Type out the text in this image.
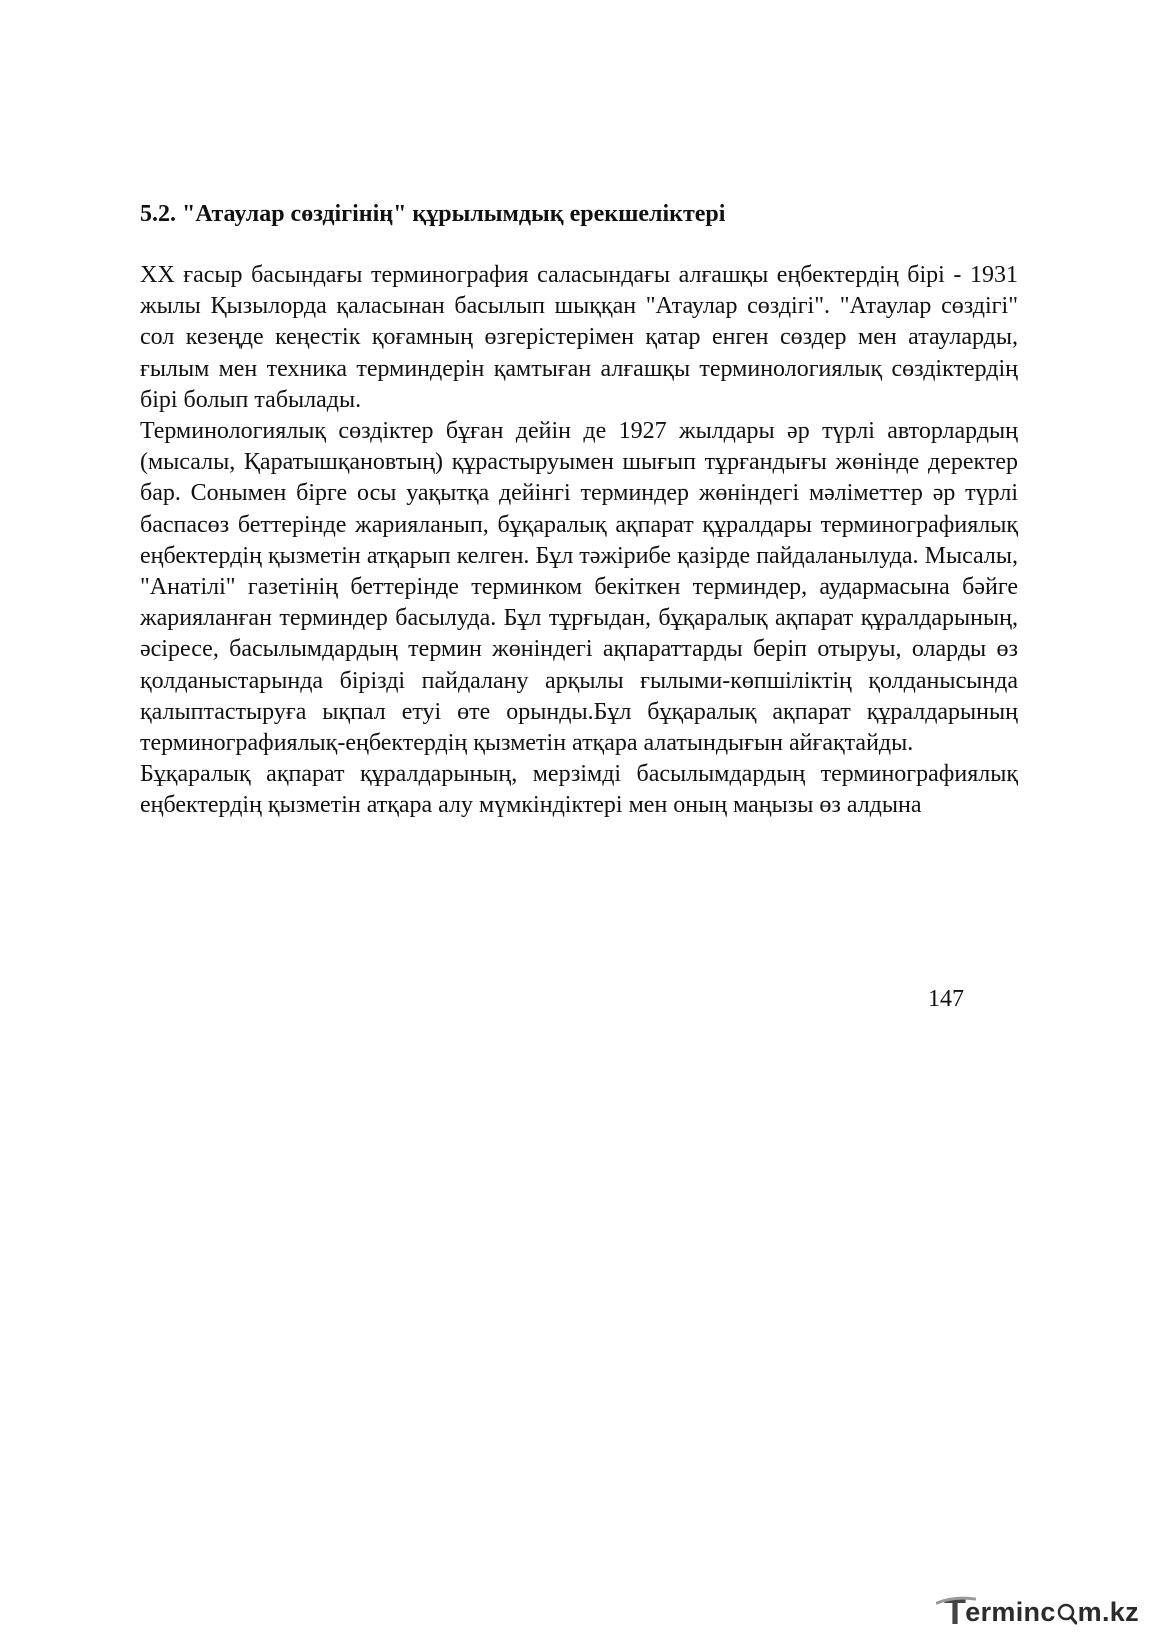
5.2. "Атаулар сөздігінің" құрылымдық ерекшеліктері

XX ғасыр басындағы терминография саласындағы алғашқы еңбектердің бірі - 1931 жылы Қызылорда қаласынан басылып шыққан "Атаулар сөздігі". "Атаулар сөздігі" сол кезеңде кеңестік қоғамның өзгерістерімен қатар енген сөздер мен атауларды, ғылым мен техника терминдерін қамтыған алғашқы терминологиялық сөздіктердің бірі болып табылады.

Терминологиялық сөздіктер бұған дейін де 1927 жылдары әр түрлі авторлардың (мысалы, Қаратышқановтың) құрастыруымен шығып тұрғандығы жөнінде деректер бар. Сонымен бірге осы уақытқа дейінгі терминдер жөніндегі мәліметтер әр түрлі баспасөз беттерінде жарияланып, бұқаралық ақпарат құралдары терминографиялық еңбектердің қызметін атқарып келген. Бұл тәжірибе қазірде пайдаланылуда. Мысалы, "Анатілі" газетінің беттерінде терминком бекіткен терминдер, аудармасына бәйге жарияланған терминдер басылуда. Бұл тұрғыдан, бұқаралық ақпарат құралдарының, әсіресе, басылымдардың термин жөніндегі ақпараттарды беріп отыруы, оларды өз қолданыстарында бірізді пайдалану арқылы ғылыми-көпшіліктің қолданысында қалыптастыруға ықпал етуі өте орынды.Бұл бұқаралық ақпарат құралдарының терминографиялық-еңбектердің қызметін атқара алатындығын айғақтайды.

Бұқаралық ақпарат құралдарының, мерзімді басылымдардың терминографиялық еңбектердің қызметін атқара алу мүмкіндіктері мен оның маңызы өз алдына

147
T erminc m.kz
